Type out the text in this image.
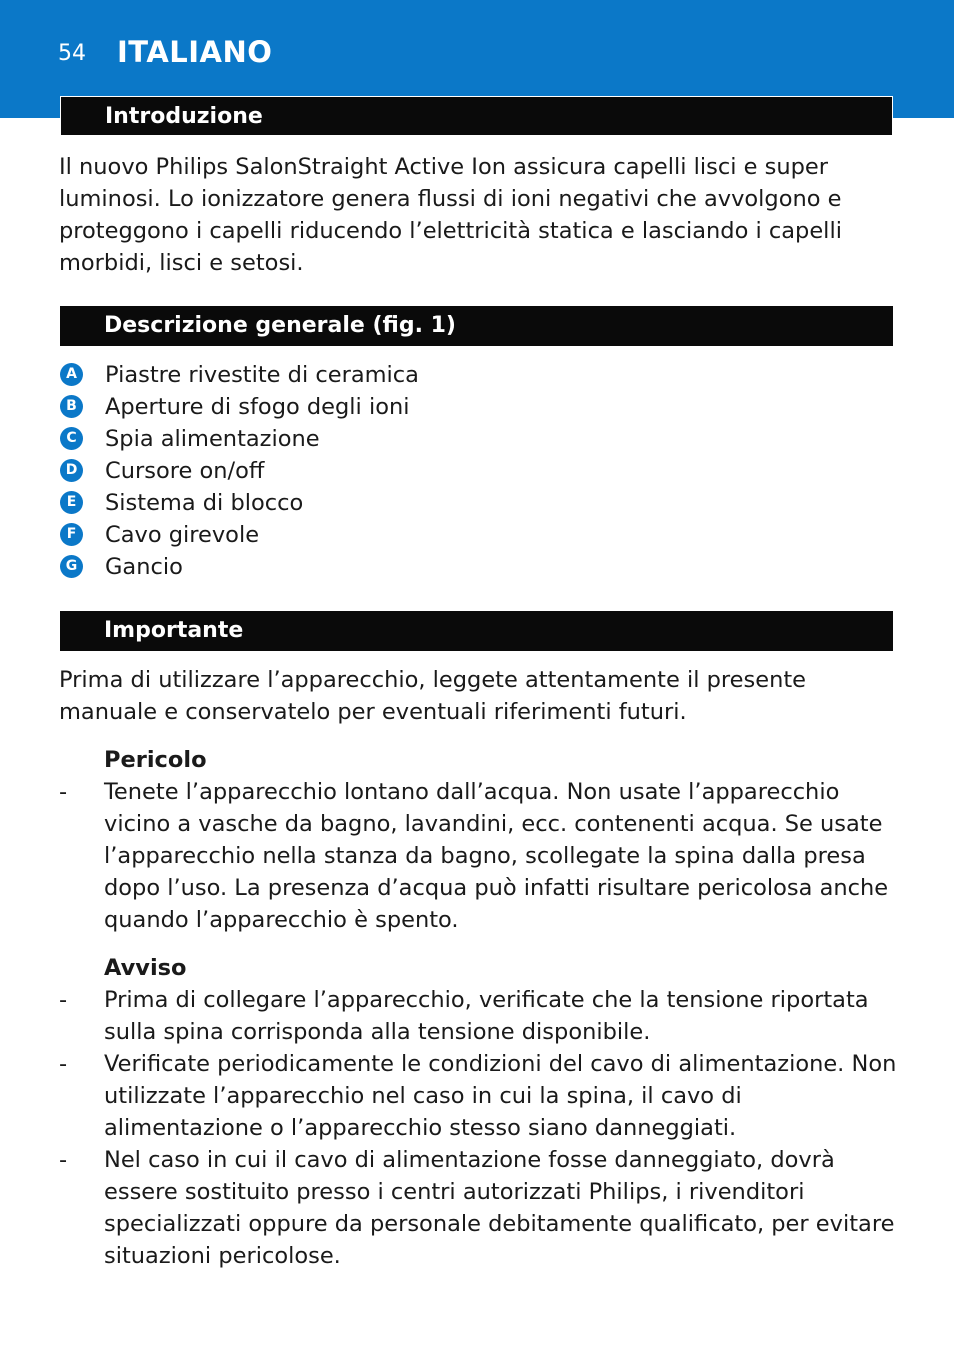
54 ITALIANO
Introduzione

Il nuovo Philips SalonStraight Active Ion assicura capelli lisci e super luminosi. Lo ionizzatore genera flussi di ioni negativi che avvolgono e proteggono i capelli riducendo l’elettricità statica e lasciando i capelli morbidi, lisci e setosi.

Descrizione generale (fig. 1)
A Piastre rivestite di ceramica
B Aperture di sfogo degli ioni
C Spia alimentazione
D Cursore on/off
E Sistema di blocco
F Cavo girevole
G Gancio
Importante

Prima di utilizzare l’apparecchio, leggete attentamente il presente manuale e conservatelo per eventuali riferimenti futuri.

Pericolo
- Tenete l’apparecchio lontano dall’acqua. Non usate l’apparecchio vicino a vasche da bagno, lavandini, ecc. contenenti acqua. Se usate l’apparecchio nella stanza da bagno, scollegate la spina dalla presa dopo l’uso. La presenza d’acqua può infatti risultare pericolosa anche quando l’apparecchio è spento.
Avviso
- Prima di collegare l’apparecchio, verificate che la tensione riportata sulla spina corrisponda alla tensione disponibile.
- Verificate periodicamente le condizioni del cavo di alimentazione. Non utilizzate l’apparecchio nel caso in cui la spina, il cavo di alimentazione o l’apparecchio stesso siano danneggiati.
- Nel caso in cui il cavo di alimentazione fosse danneggiato, dovrà essere sostituito presso i centri autorizzati Philips, i rivenditori specializzati oppure da personale debitamente qualificato, per evitare situazioni pericolose.
